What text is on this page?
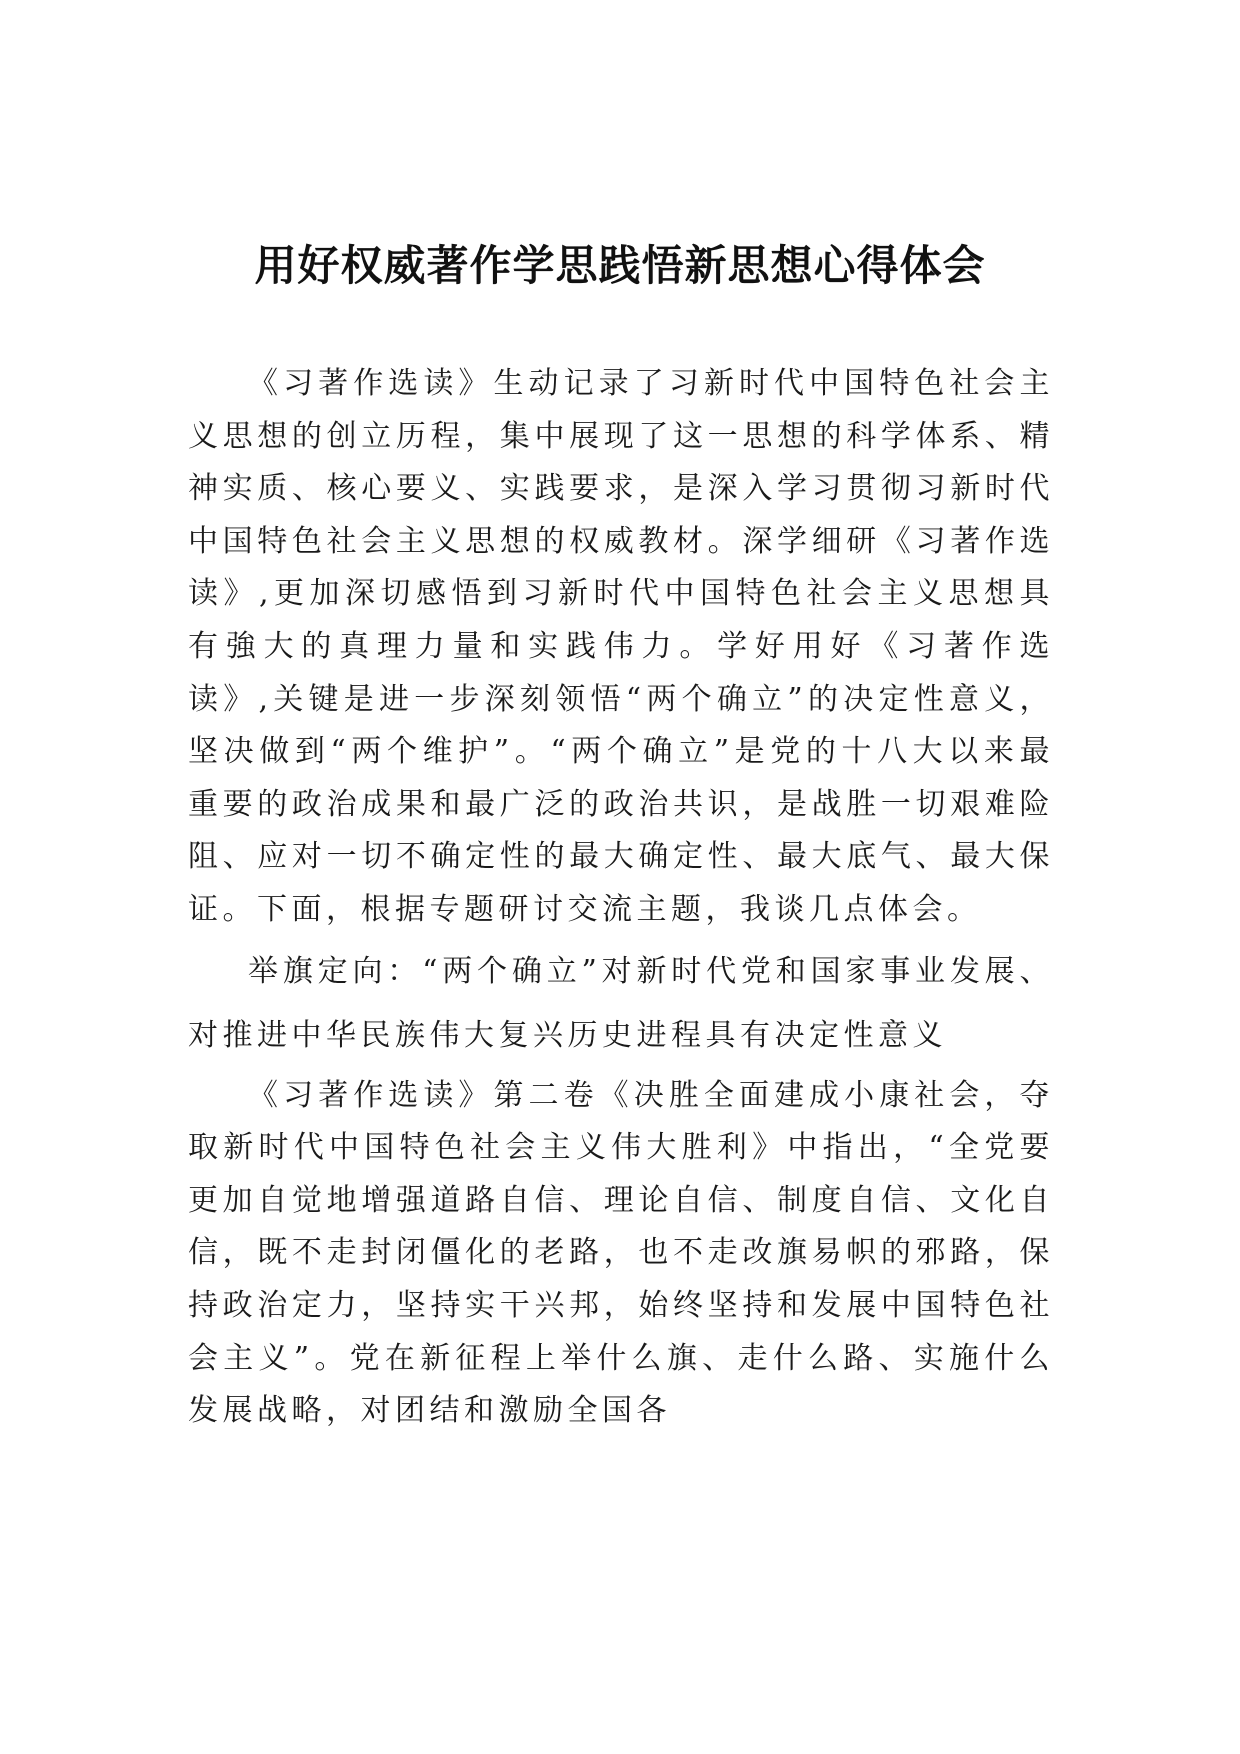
用好权威著作学思践悟新思想心得体会

《习著作选读》生动记录了习新时代中国特色社会主义思想的创立历程，集中展现了这一思想的科学体系、精神实质、核心要义、实践要求，是深入学习贯彻习新时代中国特色社会主义思想的权威教材。深学细研《习著作选读》,更加深切感悟到习新时代中国特色社会主义思想具有強大的真理力量和实践伟力。学好用好《习著作选读》,关键是进一步深刻领悟“两个确立”的决定性意义，坚决做到“两个维护”。“两个确立”是党的十八大以来最重要的政治成果和最广泛的政治共识，是战胜一切艰难险阻、应对一切不确定性的最大确定性、最大底气、最大保证。下面，根据专题研讨交流主题，我谈几点体会。

举旗定向：“两个确立”对新时代党和国家事业发展、对推进中华民族伟大复兴历史进程具有决定性意义

《习著作选读》第二卷《决胜全面建成小康社会，夺取新时代中国特色社会主义伟大胜利》中指出，“全党要更加自觉地增强道路自信、理论自信、制度自信、文化自信，既不走封闭僵化的老路，也不走改旗易帜的邪路，保持政治定力，坚持实干兴邦，始终坚持和发展中国特色社会主义”。党在新征程上举什么旗、走什么路、实施什么发展战略，对团结和激励全国各
